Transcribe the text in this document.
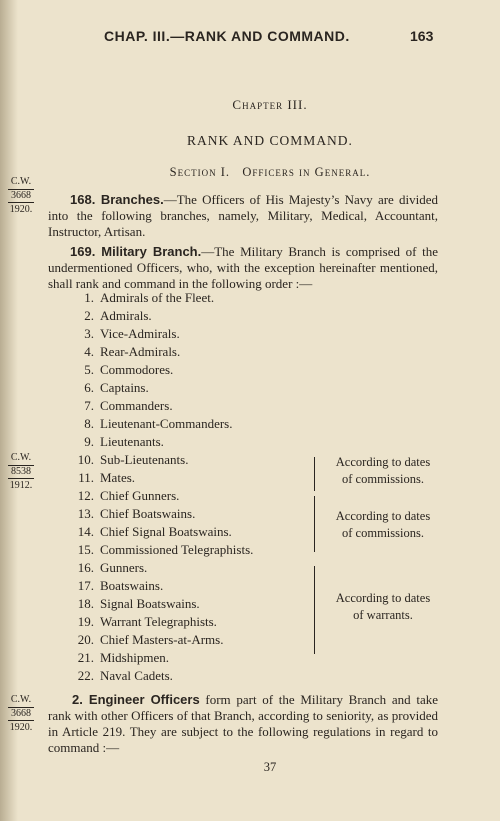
CHAP. III.—RANK AND COMMAND.	163
Chapter III.
RANK AND COMMAND.
Section I.   Officers in General.
C.W.
3668
1920.
C.W.
8538
1912.
C.W.
3668
1920.
168. Branches.—The Officers of His Majesty’s Navy are divided into the following branches, namely, Military, Medical, Accountant, Instructor, Artisan.
169. Military Branch.—The Military Branch is comprised of the undermentioned Officers, who, with the exception hereinafter mentioned, shall rank and command in the following order :—
1. Admirals of the Fleet.
2. Admirals.
3. Vice-Admirals.
4. Rear-Admirals.
5. Commodores.
6. Captains.
7. Commanders.
8. Lieutenant-Commanders.
9. Lieutenants.
10. Sub-Lieutenants.
11. Mates.
12. Chief Gunners.
13. Chief Boatswains.
14. Chief Signal Boatswains.
15. Commissioned Telegraphists.
16. Gunners.
17. Boatswains.
18. Signal Boatswains.
19. Warrant Telegraphists.
20. Chief Masters-at-Arms.
21. Midshipmen.
22. Naval Cadets.
According to dates
of commissions.
According to dates
of commissions.
According to dates
of warrants.
2. Engineer Officers form part of the Military Branch and take rank with other Officers of that Branch, according to seniority, as provided in Article 219. They are subject to the following regulations in regard to command :—
37
